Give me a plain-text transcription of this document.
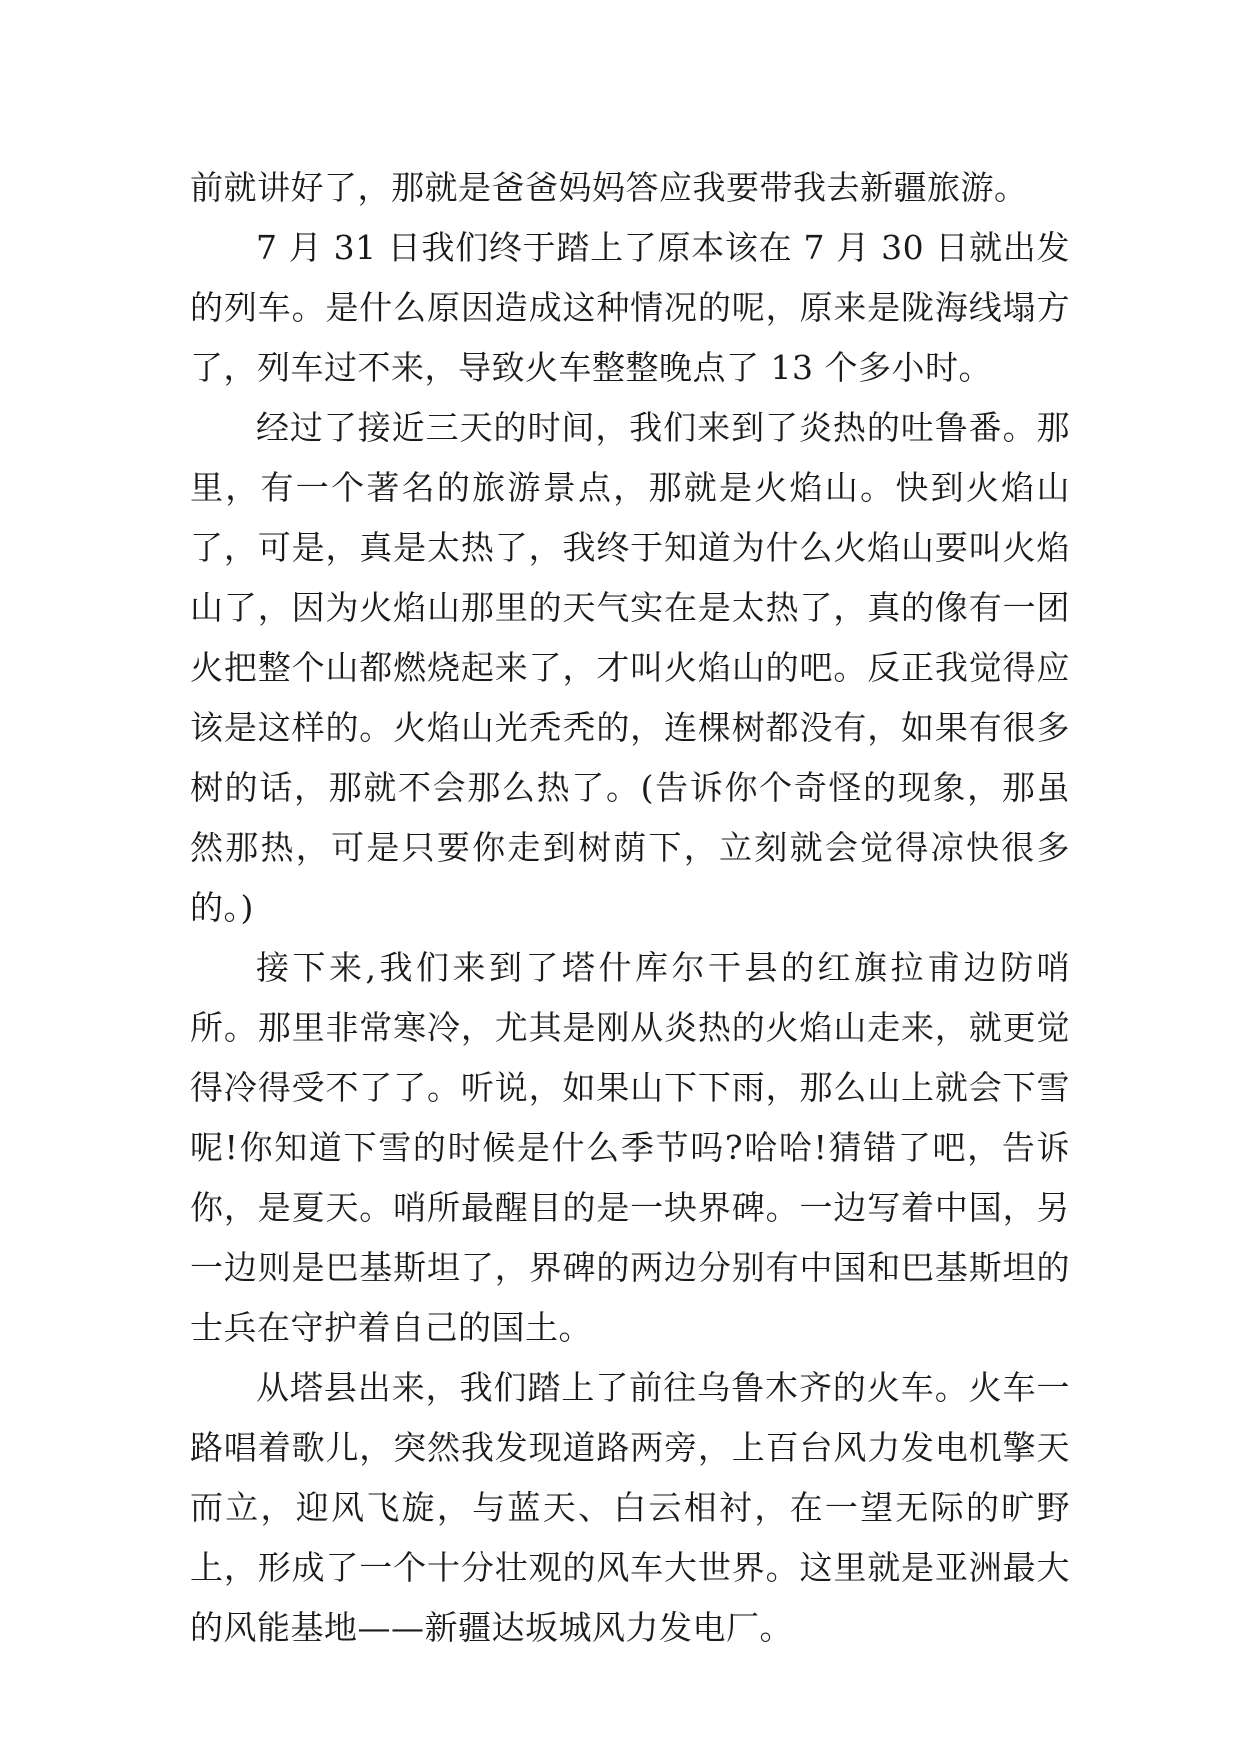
前就讲好了，那就是爸爸妈妈答应我要带我去新疆旅游。

7 月 31 日我们终于踏上了原本该在 7 月 30 日就出发的列车。是什么原因造成这种情况的呢，原来是陇海线塌方了，列车过不来，导致火车整整晚点了 13 个多小时。

经过了接近三天的时间，我们来到了炎热的吐鲁番。那里，有一个著名的旅游景点，那就是火焰山。快到火焰山了，可是，真是太热了，我终于知道为什么火焰山要叫火焰山了，因为火焰山那里的天气实在是太热了，真的像有一团火把整个山都燃烧起来了，才叫火焰山的吧。反正我觉得应该是这样的。火焰山光秃秃的，连棵树都没有，如果有很多树的话，那就不会那么热了。(告诉你个奇怪的现象，那虽然那热，可是只要你走到树荫下，立刻就会觉得凉快很多的。)

接下来,我们来到了塔什库尔干县的红旗拉甫边防哨所。那里非常寒冷，尤其是刚从炎热的火焰山走来，就更觉得冷得受不了了。听说，如果山下下雨，那么山上就会下雪呢!你知道下雪的时候是什么季节吗?哈哈!猜错了吧，告诉你，是夏天。哨所最醒目的是一块界碑。一边写着中国，另一边则是巴基斯坦了，界碑的两边分别有中国和巴基斯坦的士兵在守护着自己的国土。

从塔县出来，我们踏上了前往乌鲁木齐的火车。火车一路唱着歌儿，突然我发现道路两旁，上百台风力发电机擎天而立，迎风飞旋，与蓝天、白云相衬，在一望无际的旷野上，形成了一个十分壮观的风车大世界。这里就是亚洲最大的风能基地——新疆达坂城风力发电厂。
